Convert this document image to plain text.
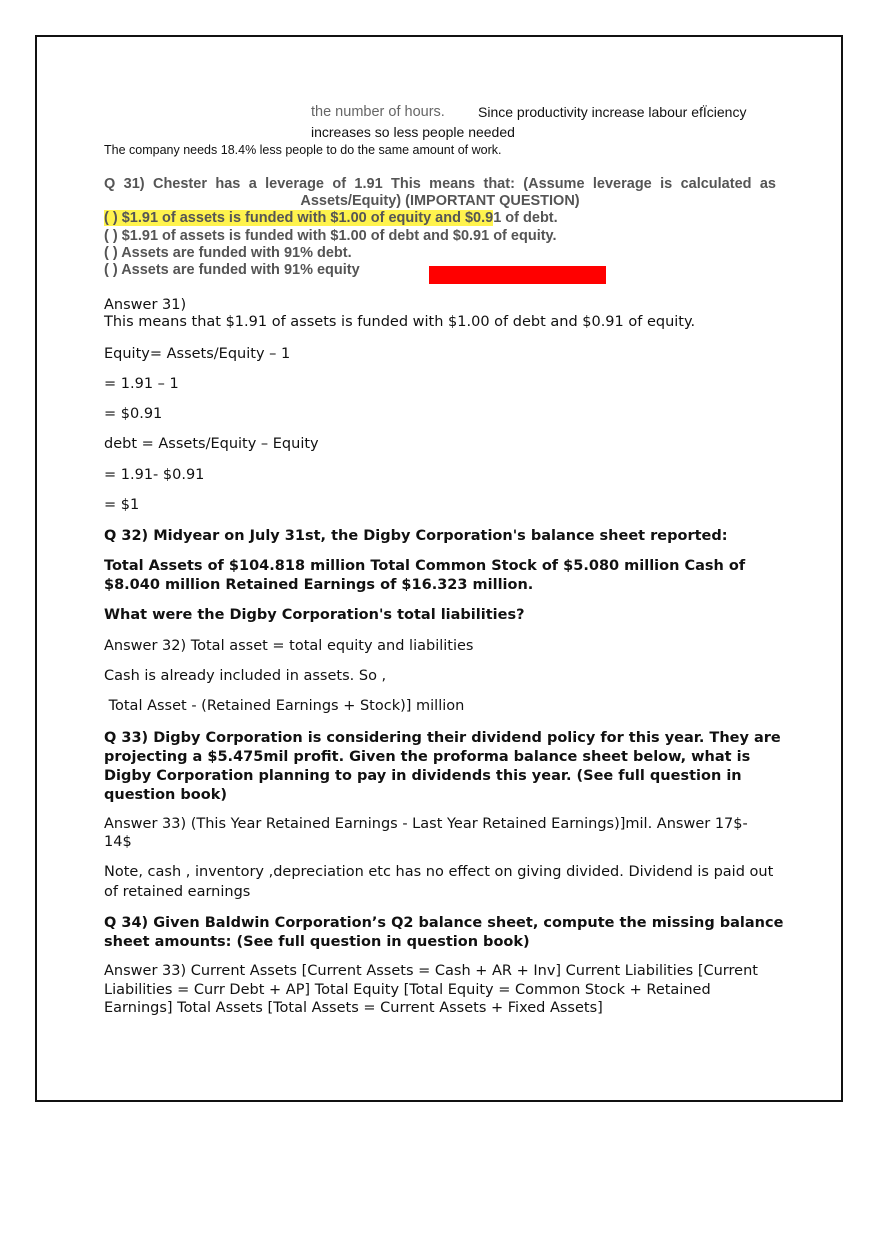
the number of hours. Since productivity increase labour efÏciency
increases so less people needed
The company needs 18.4% less people to do the same amount of work.
Q 31) Chester has a leverage of 1.91 This means that: (Assume leverage is calculated as
Assets/Equity) (IMPORTANT QUESTION)
( ) $1.91 of assets is funded with $1.00 of equity and $0.91 of debt.
( ) $1.91 of assets is funded with $1.00 of debt and $0.91 of equity.
( ) Assets are funded with 91% debt.
( ) Assets are funded with 91% equity
Answer 31)
This means that $1.91 of assets is funded with $1.00 of debt and $0.91 of equity.
Equity= Assets/Equity – 1
= 1.91 – 1
= $0.91
debt = Assets/Equity – Equity
= 1.91- $0.91
= $1
Q 32) Midyear on July 31st, the Digby Corporation's balance sheet reported:
Total Assets of $104.818 million Total Common Stock of $5.080 million Cash of
$8.040 million Retained Earnings of $16.323 million.
What were the Digby Corporation's total liabilities?
Answer 32) Total asset = total equity and liabilities
Cash is already included in assets. So ,
Total Asset - (Retained Earnings + Stock)] million
Q 33) Digby Corporation is considering their dividend policy for this year. They are
projecting a $5.475mil profit. Given the proforma balance sheet below, what is
Digby Corporation planning to pay in dividends this year. (See full question in
question book)
Answer 33) (This Year Retained Earnings - Last Year Retained Earnings)]mil. Answer 17$-
14$
Note, cash , inventory ,depreciation etc has no effect on giving divided. Dividend is paid out
of retained earnings
Q 34) Given Baldwin Corporation’s Q2 balance sheet, compute the missing balance
sheet amounts: (See full question in question book)
Answer 33) Current Assets [Current Assets = Cash + AR + Inv] Current Liabilities [Current
Liabilities = Curr Debt + AP] Total Equity [Total Equity = Common Stock + Retained
Earnings] Total Assets [Total Assets = Current Assets + Fixed Assets]
